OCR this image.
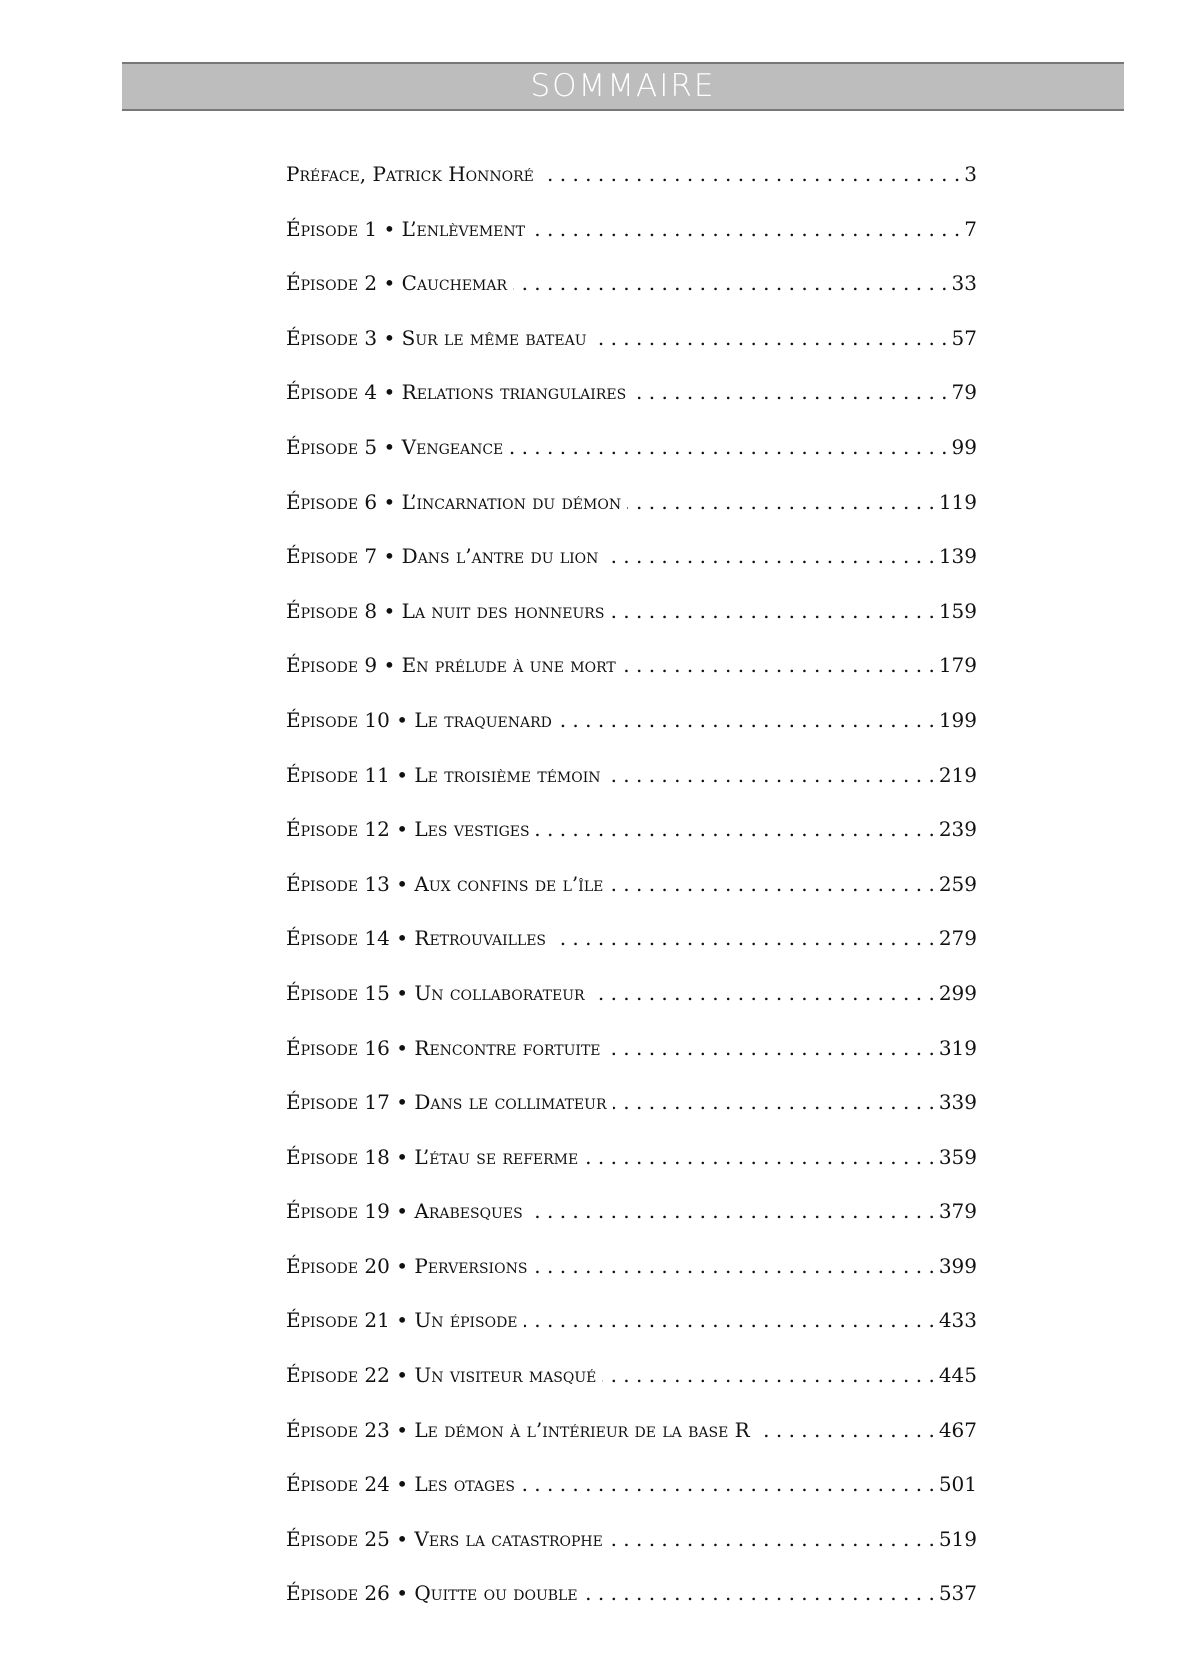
SOMMAIRE
Préface, Patrick Honnoré . . .	3
Épisode 1 • L’enlèvement . . .	7
Épisode 2 • Cauchemar . . .	33
Épisode 3 • Sur le même bateau . . .	57
Épisode 4 • Relations triangulaires . . .	79
Épisode 5 • Vengeance . . .	99
Épisode 6 • L’incarnation du démon . . .	119
Épisode 7 • Dans l’antre du lion . . .	139
Épisode 8 • La nuit des honneurs . . .	159
Épisode 9 • En prélude à une mort . . .	179
Épisode 10 • Le traquenard . . .	199
Épisode 11 • Le troisième témoin . . .	219
Épisode 12 • Les vestiges . . .	239
Épisode 13 • Aux confins de l’île . . .	259
Épisode 14 • Retrouvailles . . .	279
Épisode 15 • Un collaborateur . . .	299
Épisode 16 • Rencontre fortuite . . .	319
Épisode 17 • Dans le collimateur . . .	339
Épisode 18 • L’étau se referme . . .	359
Épisode 19 • Arabesques . . .	379
Épisode 20 • Perversions . . .	399
Épisode 21 • Un épisode . . .	433
Épisode 22 • Un visiteur masqué . . .	445
Épisode 23 • Le démon à l’intérieur de la base R . . .	467
Épisode 24 • Les otages . . .	501
Épisode 25 • Vers la catastrophe . . .	519
Épisode 26 • Quitte ou double . . .	537
